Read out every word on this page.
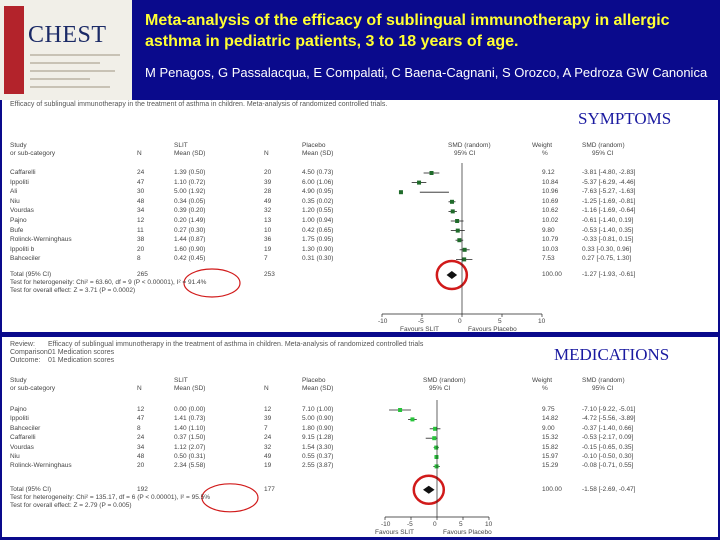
CHEST
Meta-analysis of the efficacy of sublingual immunotherapy in allergic asthma in pediatric patients, 3 to 18 years of age.
M Penagos, G Passalacqua, E Compalati, C Baena-Cagnani, S Orozco, A Pedroza GW Canonica
Efficacy of sublingual immunotherapy in the treatment of asthma in children. Meta-analysis of randomized controlled trials.
SYMPTOMS
Study	SLIT	Placebo	SMD (random)	Weight	SMD (random)
or sub-category	N	Mean (SD)	N	Mean (SD)	95% CI	%	95% CI
Caffarelli	24	1.39 (0.50)	20	4.50 (0.73)	9.12	-3.81 [-4.80, -2.83]
Ippoliti	47	1.10 (0.72)	39	6.00 (1.06)	10.84	-5.37 [-6.29, -4.46]
Ali	30	5.00 (1.92)	28	4.90 (0.95)	10.96	-7.63 [-5.27, -1.63]
Niu	48	0.34 (0.05)	49	0.35 (0.02)	10.69	-1.25 [-1.69, -0.81]
Vourdas	34	0.39 (0.20)	32	1.20 (0.55)	10.62	-1.16 [-1.69, -0.64]
Pajno	12	0.20 (1.49)	13	1.00 (0.94)	10.02	-0.61 [-1.40, 0.19]
Bufe	11	0.27 (0.30)	10	0.42 (0.65)	9.80	-0.53 [-1.40, 0.35]
Rolinck-Werninghaus	38	1.44 (0.87)	36	1.75 (0.95)	10.79	-0.33 [-0.81, 0.15]
Ippoliti b	20	1.60 (0.90)	19	1.30 (0.90)	10.03	0.33 [-0.30, 0.96]
Bahceciler	8	0.42 (0.45)	7	0.31 (0.30)	7.53	0.27 [-0.75, 1.30]
Total (95% CI)	265	253	100.00	-1.27 [-1.93, -0.61]
Test for heterogeneity: Chi² = 63.60, df = 9 (P < 0.00001), I² = 91.4%
Test for overall effect: Z = 3.71 (P = 0.0002)
-10	-5	0	5	10
Favours SLIT	Favours Placebo
Review: Efficacy of sublingual immunotherapy in the treatment of asthma in children. Meta-analysis of randomized controlled trials
Comparison:
01 Medication scores
Outcome: 01 Medication scores	MEDICATIONS
Study	SLIT	Placebo	SMD (random)	Weight	SMD (random)
or sub-category	N	Mean (SD)	N	Mean (SD)	95% CI	%	95% CI
Pajno	12	0.00 (0.00)	12	7.10 (1.00)	9.75	-7.10 [-9.22, -5.01]
Ippoliti	47	1.41 (0.73)	39	5.00 (0.90)	14.82	-4.72 [-5.56, -3.89]
Bahceciler	8	1.40 (1.10)	7	1.80 (0.90)	9.00	-0.37 [-1.40, 0.66]
Caffarelli	24	0.37 (1.50)	24	9.15 (1.28)	15.32	-0.53 [-2.17, 0.09]
Vourdas	34	1.12 (2.07)	32	1.54 (3.30)	15.82	-0.15 [-0.65, 0.35]
Niu	48	0.50 (0.31)	49	0.55 (0.37)	15.97	-0.10 [-0.50, 0.30]
Rolinck-Werninghaus	20	2.34 (5.58)	19	2.55 (3.87)	15.29	-0.08 [-0.71, 0.55]
Total (95% CI)	192	177	100.00	-1.58 [-2.69, -0.47]
Test for heterogeneity: Chi² = 135.17, df = 6 (P < 0.00001), I² = 95.5%
Test for overall effect: Z = 2.79 (P = 0.005)
-10	-5	0	5	10
Favours SLIT	Favours Placebo
